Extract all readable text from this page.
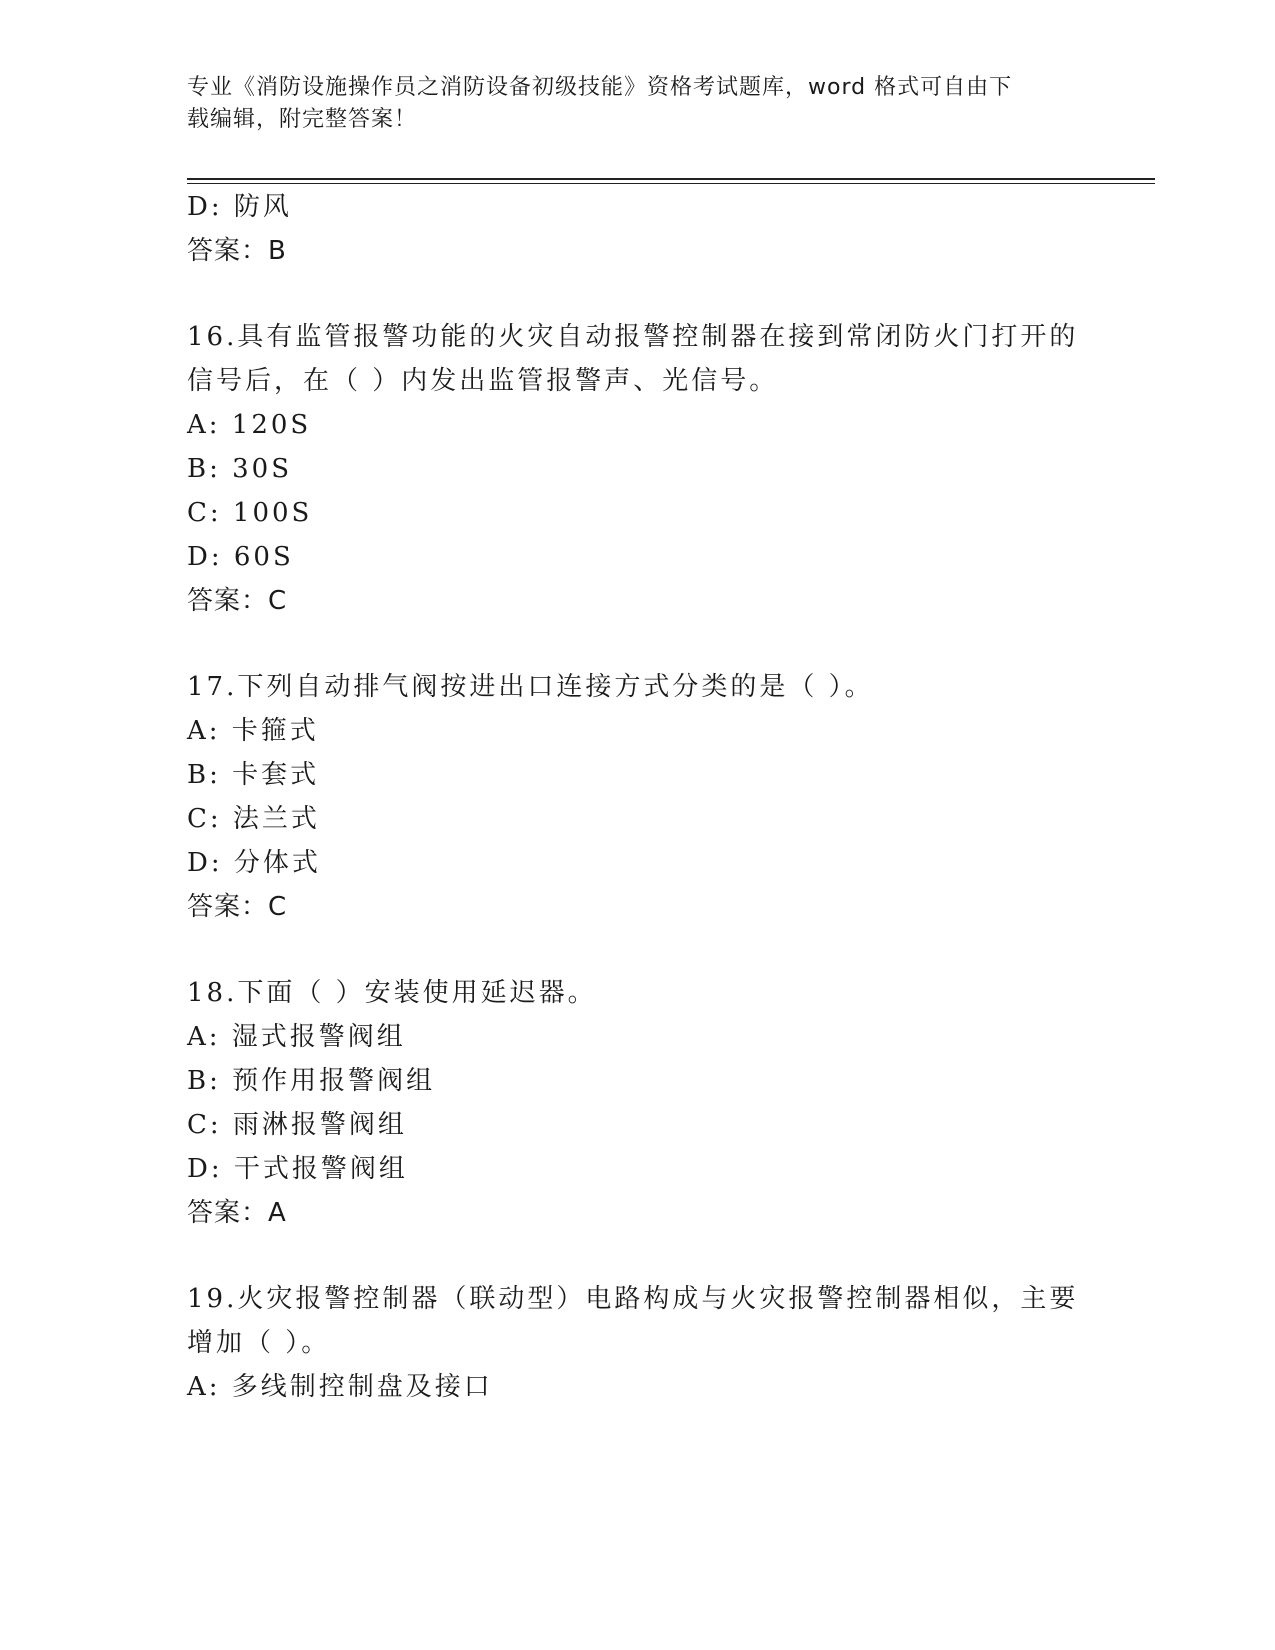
专业《消防设施操作员之消防设备初级技能》资格考试题库，word 格式可自由下
载编辑，附完整答案！
D: 防风
答案：B
16.具有监管报警功能的火灾自动报警控制器在接到常闭防火门打开的
信号后，在（ ）内发出监管报警声、光信号。
A: 120S
B: 30S
C: 100S
D: 60S
答案：C
17.下列自动排气阀按进出口连接方式分类的是（ ）。
A: 卡箍式
B: 卡套式
C: 法兰式
D: 分体式
答案：C
18.下面（ ）安装使用延迟器。
A: 湿式报警阀组
B: 预作用报警阀组
C: 雨淋报警阀组
D: 干式报警阀组
答案：A
19.火灾报警控制器（联动型）电路构成与火灾报警控制器相似，主要
增加（ ）。
A: 多线制控制盘及接口
